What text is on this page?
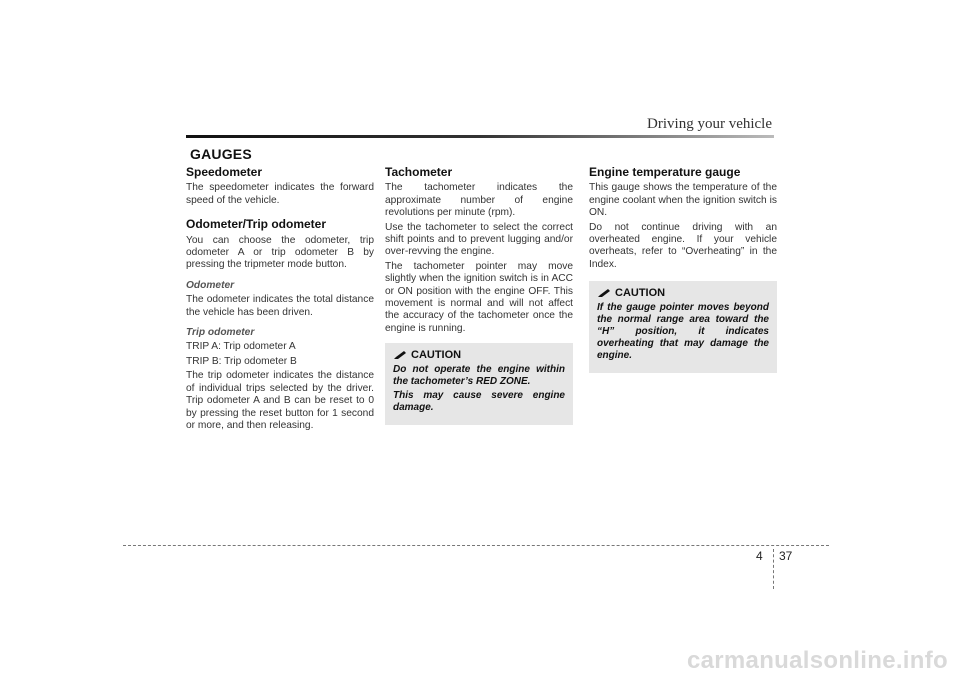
Driving your vehicle
GAUGES
Speedometer

The speedometer indicates the forward speed of the vehicle.

Odometer/Trip odometer

You can choose the odometer, trip odometer A or trip odometer B by pressing the tripmeter mode button.

Odometer

The odometer indicates the total distance the vehicle has been driven.

Trip odometer

TRIP A: Trip odometer A

TRIP B: Trip odometer B

The trip odometer indicates the distance of individual trips selected by the driver. Trip odometer A and B can be reset to 0 by pressing the reset button for 1 second or more, and then releasing.

Tachometer

The tachometer indicates the approximate number of engine revolutions per minute (rpm).

Use the tachometer to select the correct shift points and to prevent lugging and/or over-revving the engine.

The tachometer pointer may move slightly when the ignition switch is in ACC or ON position with the engine OFF. This movement is normal and will not affect the accuracy of the tachometer once the engine is running.

CAUTION

Do not operate the engine within the tachometer’s RED ZONE.

This may cause severe engine damage.

Engine temperature gauge

This gauge shows the temperature of the engine coolant when the ignition switch is ON.

Do not continue driving with an overheated engine. If your vehicle overheats, refer to “Overheating” in the Index.

CAUTION

If the gauge pointer moves beyond the normal range area toward the “H” position, it indicates overheating that may damage the engine.

4 37
carmanualsonline.info
